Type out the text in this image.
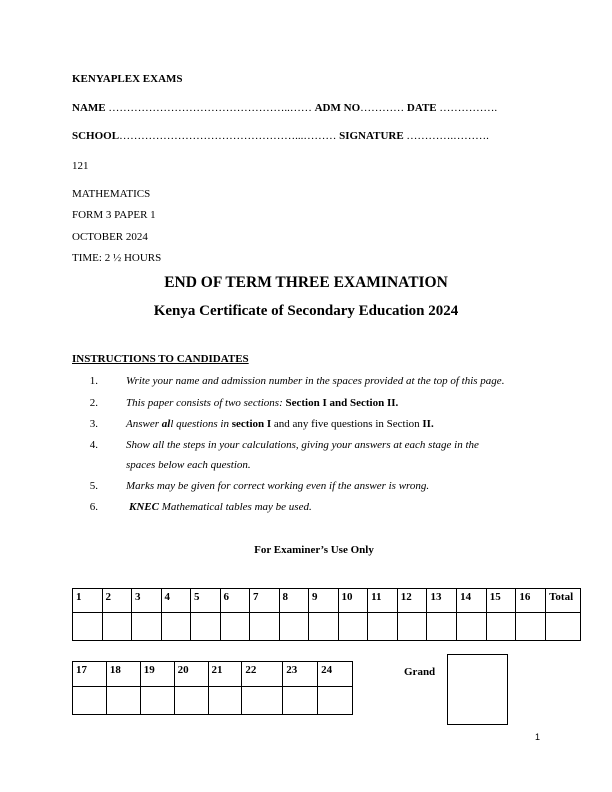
KENYAPLEX EXAMS
NAME …………………………………………..…… ADM NO………… DATE …………….
SCHOOL…………………………………………...……… SIGNATURE ………….……….
121
MATHEMATICS
FORM 3 PAPER 1
OCTOBER 2024
TIME: 2 ½ HOURS
END OF TERM THREE EXAMINATION
Kenya Certificate of Secondary Education 2024
INSTRUCTIONS TO CANDIDATES
1.	Write your name and admission number in the spaces provided at the top of this page.
2.	This paper consists of two sections: Section I and Section II.
3.	Answer all questions in section I and any five questions in Section II.
4.	Show all the steps in your calculations, giving your answers at each stage in the
spaces below each question.
5.	Marks may be given for correct working even if the answer is wrong.
6.	KNEC Mathematical tables may be used.
For Examiner’s Use Only
1	2	3	4	5	6	7	8	9	10	11	12	13	14	15	16	Total

17	18	19	20	21	22	23	24

								Grand
1
